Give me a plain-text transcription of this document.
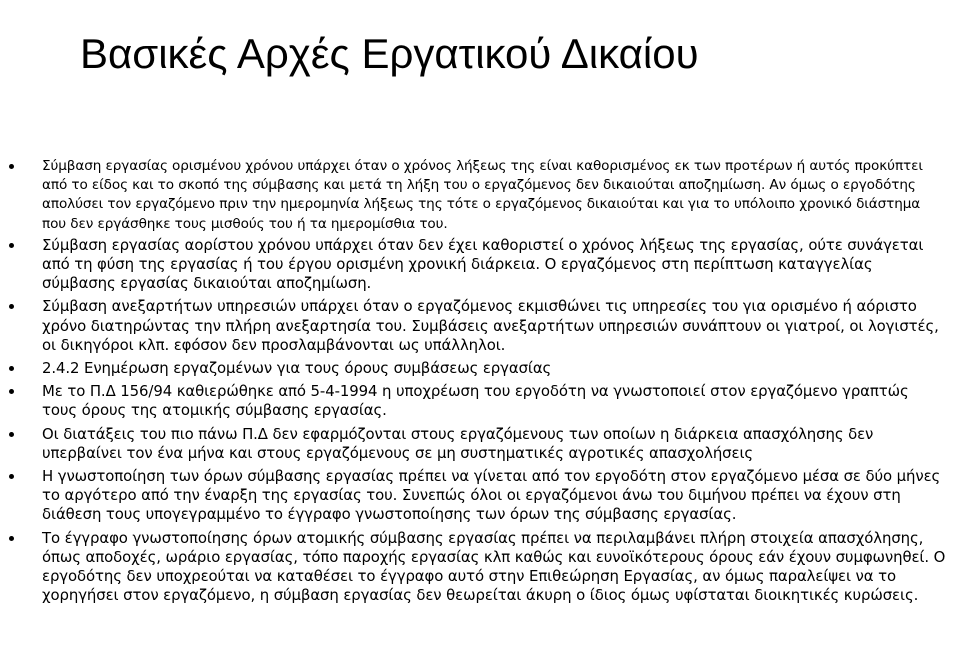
Βασικές Αρχές Εργατικού Δικαίου
Σύμβαση εργασίας ορισμένου χρόνου υπάρχει όταν ο χρόνος λήξεως της είναι καθορισμένος εκ των προτέρων ή αυτός προκύπτει από το είδος και το σκοπό της σύμβασης και μετά τη λήξη του ο εργαζόμενος δεν δικαιούται αποζημίωση. Αν όμως ο εργοδότης απολύσει τον εργαζόμενο πριν την ημερομηνία λήξεως της τότε ο εργαζόμενος δικαιούται και για το υπόλοιπο χρονικό διάστημα που δεν εργάσθηκε τους μισθούς του ή τα ημερομίσθια του.
Σύμβαση εργασίας αορίστου χρόνου υπάρχει όταν δεν έχει καθοριστεί ο χρόνος λήξεως της εργασίας, ούτε συνάγεται από τη φύση της εργασίας ή του έργου ορισμένη χρονική διάρκεια. Ο εργαζόμενος στη περίπτωση καταγγελίας σύμβασης εργασίας δικαιούται αποζημίωση.
Σύμβαση ανεξαρτήτων υπηρεσιών υπάρχει όταν ο εργαζόμενος εκμισθώνει τις υπηρεσίες του για ορισμένο ή αόριστο χρόνο διατηρώντας την πλήρη ανεξαρτησία του. Συμβάσεις ανεξαρτήτων υπηρεσιών συνάπτουν οι γιατροί, οι λογιστές, οι δικηγόροι κλπ. εφόσον δεν προσλαμβάνονται ως υπάλληλοι.
2.4.2 Ενημέρωση εργαζομένων για τους όρους συμβάσεως εργασίας
Με το Π.Δ 156/94 καθιερώθηκε από 5-4-1994 η υποχρέωση του εργοδότη να γνωστοποιεί στον εργαζόμενο γραπτώς τους όρους της ατομικής σύμβασης εργασίας.
Οι διατάξεις του πιο πάνω Π.Δ δεν εφαρμόζονται στους εργαζόμενους των οποίων η διάρκεια απασχόλησης δεν υπερβαίνει τον ένα μήνα και στους εργαζόμενους σε μη συστηματικές αγροτικές απασχολήσεις
Η γνωστοποίηση των όρων σύμβασης εργασίας πρέπει να γίνεται από τον εργοδότη στον εργαζόμενο μέσα σε δύο μήνες το αργότερο από την έναρξη της εργασίας του. Συνεπώς όλοι οι εργαζόμενοι άνω του διμήνου πρέπει να έχουν στη διάθεση τους υπογεγραμμένο το έγγραφο γνωστοποίησης των όρων της σύμβασης εργασίας.
Το έγγραφο γνωστοποίησης όρων ατομικής σύμβασης εργασίας πρέπει να περιλαμβάνει πλήρη στοιχεία απασχόλησης, όπως αποδοχές, ωράριο εργασίας, τόπο παροχής εργασίας κλπ καθώς και ευνοϊκότερους όρους εάν έχουν συμφωνηθεί. Ο εργοδότης δεν υποχρεούται να καταθέσει το έγγραφο αυτό στην Επιθεώρηση Εργασίας, αν όμως παραλείψει να το χορηγήσει στον εργαζόμενο, η σύμβαση εργασίας δεν θεωρείται άκυρη ο ίδιος όμως υφίσταται διοικητικές κυρώσεις.
